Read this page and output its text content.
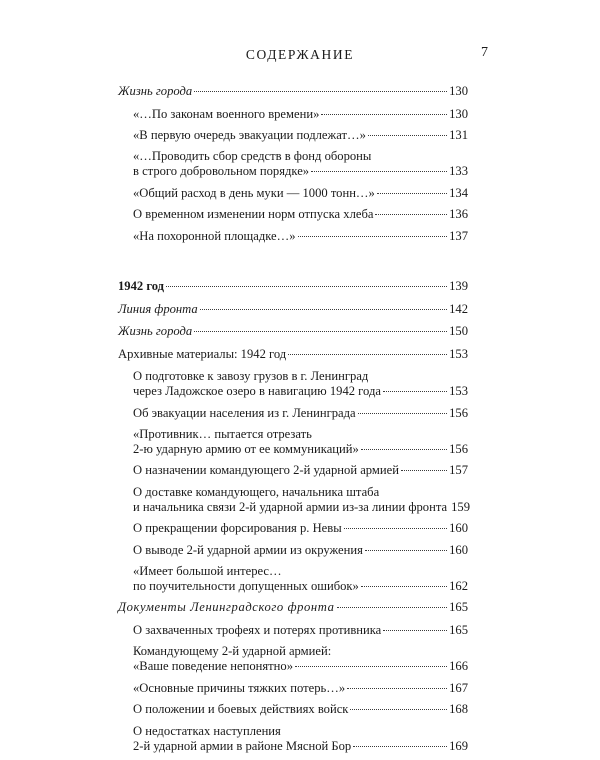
СОДЕРЖАНИЕ	7
Жизнь города	130
«…По законам военного времени»	130
«В первую очередь эвакуации подлежат…»	131
«…Проводить сбор средств в фонд обороны
в строго добровольном порядке»	133
«Общий расход в день муки — 1000 тонн…»	134
О временном изменении норм отпуска хлеба	136
«На похоронной площадке…»	137
1942 год	139
Линия фронта	142
Жизнь города	150
Архивные материалы: 1942 год	153
О подготовке к завозу грузов в г. Ленинград
через Ладожское озеро в навигацию 1942 года	153
Об эвакуации населения из г. Ленинграда	156
«Противник… пытается отрезать
2-ю ударную армию от ее коммуникаций»	156
О назначении командующего 2-й ударной армией	157
О доставке командующего, начальника штаба
и начальника связи 2-й ударной армии из-за линии фронта 159
О прекращении форсирования р. Невы	160
О выводе 2-й ударной армии из окружения	160
«Имеет большой интерес…
по поучительности допущенных ошибок»	162
Документы Ленинградского фронта	165
О захваченных трофеях и потерях противника	165
Командующему 2-й ударной армией:
«Ваше поведение непонятно»	166
«Основные причины тяжких потерь…»	167
О положении и боевых действиях войск	168
О недостатках наступления
2-й ударной армии в районе Мясной Бор	169
